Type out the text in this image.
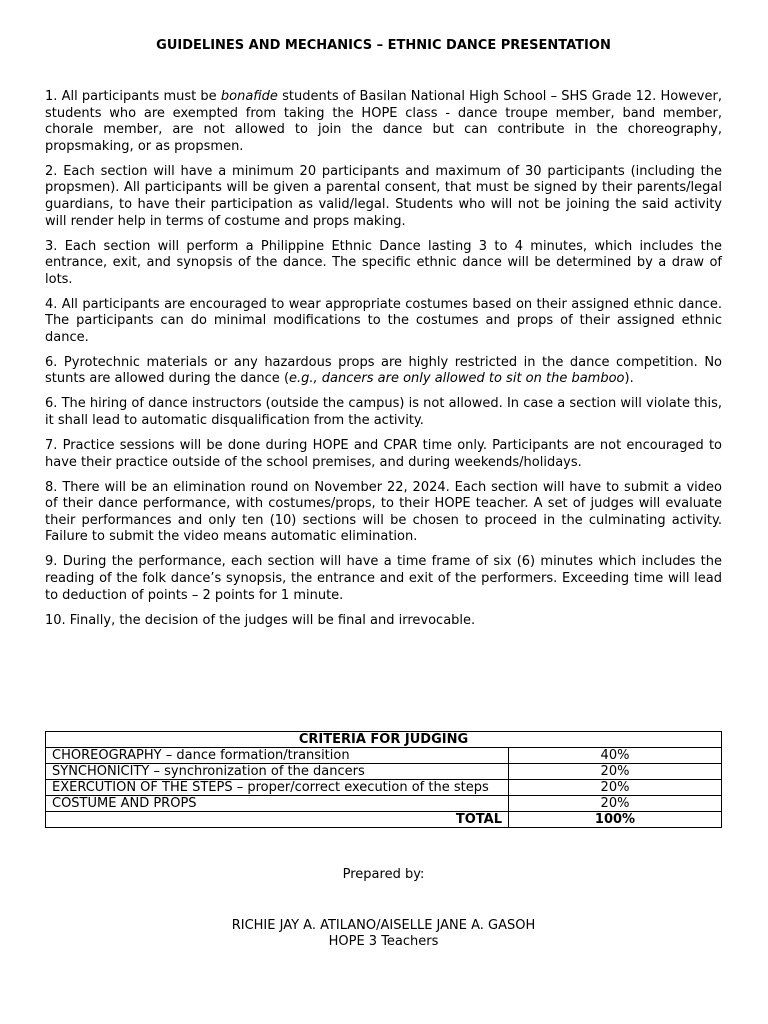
GUIDELINES AND MECHANICS – ETHNIC DANCE PRESENTATION

1. All participants must be bonafide students of Basilan National High School – SHS Grade 12. However, students who are exempted from taking the HOPE class - dance troupe member, band member, chorale member, are not allowed to join the dance but can contribute in the choreography, propsmaking, or as propsmen.

2. Each section will have a minimum 20 participants and maximum of 30 participants (including the propsmen). All participants will be given a parental consent, that must be signed by their parents/legal guardians, to have their participation as valid/legal. Students who will not be joining the said activity will render help in terms of costume and props making.

3. Each section will perform a Philippine Ethnic Dance lasting 3 to 4 minutes, which includes the entrance, exit, and synopsis of the dance. The specific ethnic dance will be determined by a draw of lots.

4. All participants are encouraged to wear appropriate costumes based on their assigned ethnic dance. The participants can do minimal modifications to the costumes and props of their assigned ethnic dance.

6. Pyrotechnic materials or any hazardous props are highly restricted in the dance competition. No stunts are allowed during the dance (e.g., dancers are only allowed to sit on the bamboo).

6. The hiring of dance instructors (outside the campus) is not allowed. In case a section will violate this, it shall lead to automatic disqualification from the activity.

7. Practice sessions will be done during HOPE and CPAR time only. Participants are not encouraged to have their practice outside of the school premises, and during weekends/holidays.

8. There will be an elimination round on November 22, 2024. Each section will have to submit a video of their dance performance, with costumes/props, to their HOPE teacher. A set of judges will evaluate their performances and only ten (10) sections will be chosen to proceed in the culminating activity. Failure to submit the video means automatic elimination.

9. During the performance, each section will have a time frame of six (6) minutes which includes the reading of the folk dance’s synopsis, the entrance and exit of the performers. Exceeding time will lead to deduction of points – 2 points for 1 minute.

10. Finally, the decision of the judges will be final and irrevocable.

CRITERIA FOR JUDGING	
CHOREOGRAPHY – dance formation/transition	40%
SYNCHONICITY – synchronization of the dancers	20%
EXERCUTION OF THE STEPS – proper/correct execution of the steps	20%
COSTUME AND PROPS	20%
TOTAL	100%
Prepared by:
RICHIE JAY A. ATILANO/AISELLE JANE A. GASOH
HOPE 3 Teachers
